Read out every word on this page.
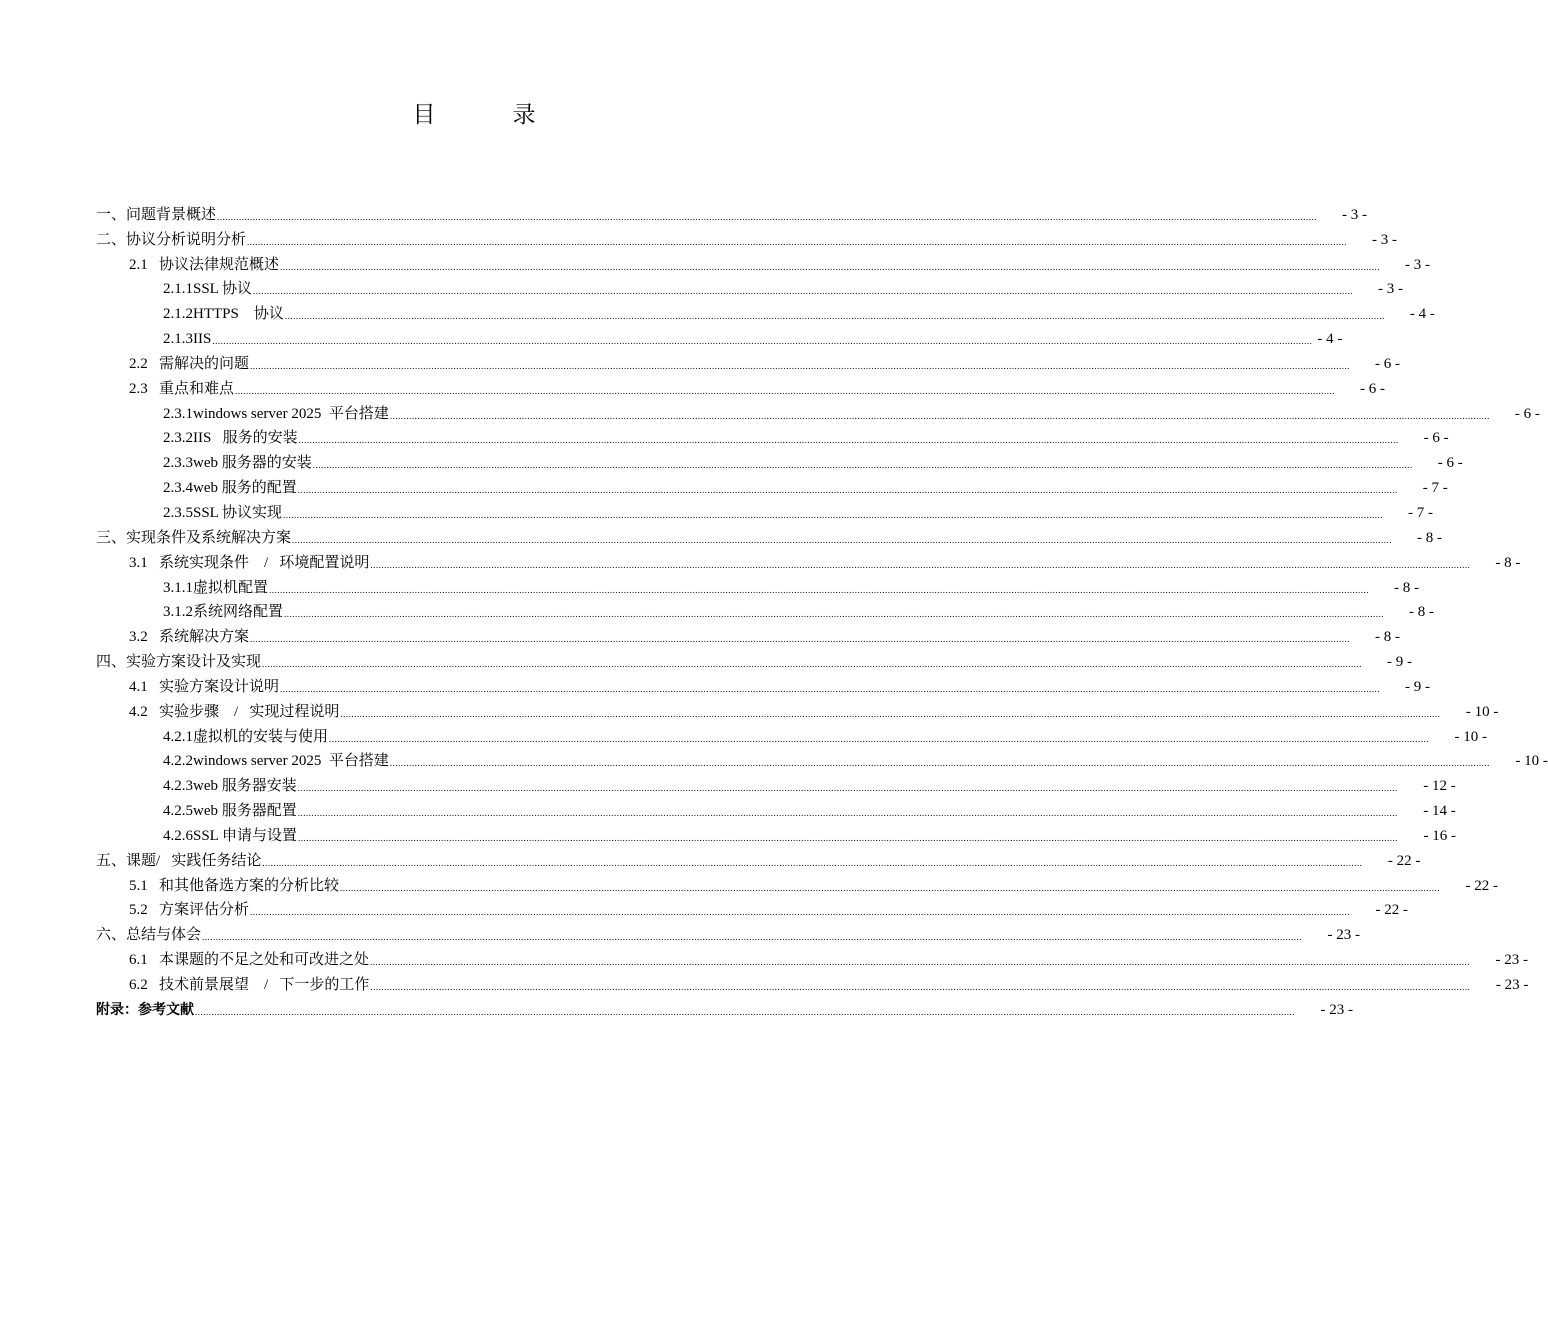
目　　　录
一、问题背景概述 ................................................................................................................................................................................................................................................................................................................................................................................................................	- 3 -
二、协议分析说明分析 ................................................................................................................................................................................................................................................................................................................................................................................................................	- 3 -
2.1   协议法律规范概述 ................................................................................................................................................................................................................................................................................................................................................................................................................	- 3 -
2.1.1SSL 协议 ................................................................................................................................................................................................................................................................................................................................................................................................................	- 3 -
2.1.2HTTPS    协议 ................................................................................................................................................................................................................................................................................................................................................................................................................	- 4 -
2.1.3IIS ................................................................................................................................................................................................................................................................................................................................................................................................................ - 4 -
2.2   需解决的问题 ................................................................................................................................................................................................................................................................................................................................................................................................................	- 6 -
2.3   重点和难点 ................................................................................................................................................................................................................................................................................................................................................................................................................	- 6 -
2.3.1windows server 2025  平台搭建 ................................................................................................................................................................................................................................................................................................................................................................................................................	- 6 -
2.3.2IIS   服务的安装 ................................................................................................................................................................................................................................................................................................................................................................................................................	- 6 -
2.3.3web 服务器的安装 ................................................................................................................................................................................................................................................................................................................................................................................................................	- 6 -
2.3.4web 服务的配置 ................................................................................................................................................................................................................................................................................................................................................................................................................	- 7 -
2.3.5SSL 协议实现 ................................................................................................................................................................................................................................................................................................................................................................................................................	- 7 -
三、实现条件及系统解决方案 ................................................................................................................................................................................................................................................................................................................................................................................................................	- 8 -
3.1   系统实现条件    /   环境配置说明 ................................................................................................................................................................................................................................................................................................................................................................................................................	- 8 -
3.1.1虚拟机配置 ................................................................................................................................................................................................................................................................................................................................................................................................................	- 8 -
3.1.2系统网络配置 ................................................................................................................................................................................................................................................................................................................................................................................................................	- 8 -
3.2   系统解决方案 ................................................................................................................................................................................................................................................................................................................................................................................................................	- 8 -
四、实验方案设计及实现 ................................................................................................................................................................................................................................................................................................................................................................................................................	- 9 -
4.1   实验方案设计说明 ................................................................................................................................................................................................................................................................................................................................................................................................................	- 9 -
4.2   实验步骤    /   实现过程说明 ................................................................................................................................................................................................................................................................................................................................................................................................................	- 10 -
4.2.1虚拟机的安装与使用 ................................................................................................................................................................................................................................................................................................................................................................................................................	- 10 -
4.2.2windows server 2025  平台搭建 ................................................................................................................................................................................................................................................................................................................................................................................................................	- 10 -
4.2.3web 服务器安装 ................................................................................................................................................................................................................................................................................................................................................................................................................	- 12 -
4.2.5web 服务器配置 ................................................................................................................................................................................................................................................................................................................................................................................................................	- 14 -
4.2.6SSL 申请与设置 ................................................................................................................................................................................................................................................................................................................................................................................................................	- 16 -
五、课题/   实践任务结论 ................................................................................................................................................................................................................................................................................................................................................................................................................	- 22 -
5.1   和其他备选方案的分析比较 ................................................................................................................................................................................................................................................................................................................................................................................................................	- 22 -
5.2   方案评估分析 ................................................................................................................................................................................................................................................................................................................................................................................................................	- 22 -
六、总结与体会 ................................................................................................................................................................................................................................................................................................................................................................................................................	- 23 -
6.1   本课题的不足之处和可改进之处 ................................................................................................................................................................................................................................................................................................................................................................................................................	- 23 -
6.2   技术前景展望    /   下一步的工作 ................................................................................................................................................................................................................................................................................................................................................................................................................	- 23 -
附录：参考文献 ................................................................................................................................................................................................................................................................................................................................................................................................................	- 23 -
